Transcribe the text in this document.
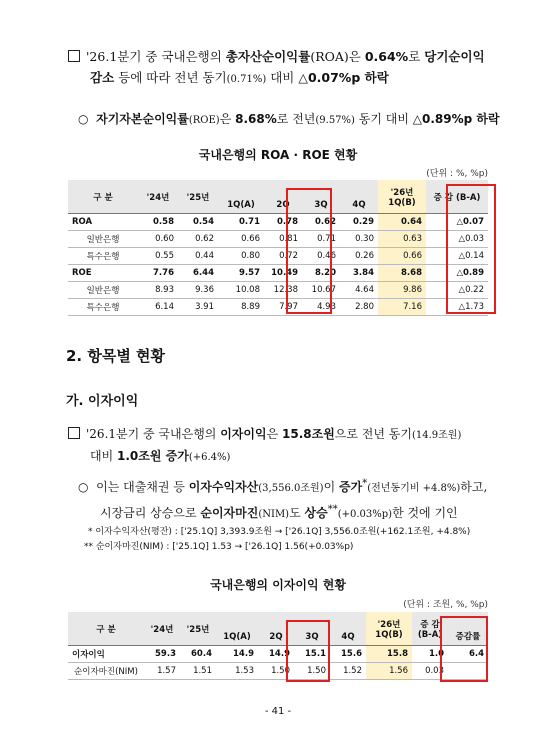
'26.1분기 중 국내은행의 총자산순이익률(ROA)은 0.64%로 당기순이익
감소 등에 따라 전년 동기(0.71%) 대비 △0.07%p 하락
○ 자기자본순이익률(ROE)은 8.68%로 전년(9.57%) 동기 대비 △0.89%p 하락
국내은행의 ROA · ROE 현황
(단위 : %, %p)
구 분	'24년	'25년	1Q(A)	2Q	3Q	4Q	'26년 1Q(B)	증 감 (B-A)
ROA	0.58	0.54	0.71	0.78	0.62	0.29	0.64	△0.07
일반은행	0.60	0.62	0.66	0.81	0.71	0.30	0.63	△0.03
특수은행	0.55	0.44	0.80	0.72	0.46	0.26	0.66	△0.14
ROE	7.76	6.44	9.57	10.49	8.20	3.84	8.68	△0.89
일반은행	8.93	9.36	10.08	12.38	10.67	4.64	9.86	△0.22
특수은행	6.14	3.91	8.89	7.97	4.93	2.80	7.16	△1.73
2. 항목별 현황
가. 이자이익
'26.1분기 중 국내은행의 이자이익은 15.8조원으로 전년 동기(14.9조원)
대비 1.0조원 증가(+6.4%)
○ 이는 대출채권 등 이자수익자산(3,556.0조원)이 증가*(전년동기비 +4.8%)하고,
시장금리 상승으로 순이자마진(NIM)도 상승**(+0.03%p)한 것에 기인
* 이자수익자산(평잔) : ['25.1Q] 3,393.9조원 → ['26.1Q] 3,556.0조원(+162.1조원, +4.8%)
** 순이자마진(NIM) : ['25.1Q] 1.53 → ['26.1Q] 1.56(+0.03%p)
국내은행의 이자이익 현황
(단위 : 조원, %, %p)
구 분	'24년	'25년	1Q(A)	2Q	3Q	4Q	'26년 1Q(B)	증 감 (B-A)	증감률
이자이익	59.3	60.4	14.9	14.9	15.1	15.6	15.8	1.0	6.4
순이자마진(NIM)	1.57	1.51	1.53	1.50	1.50	1.52	1.56	0.03	
- 41 -
